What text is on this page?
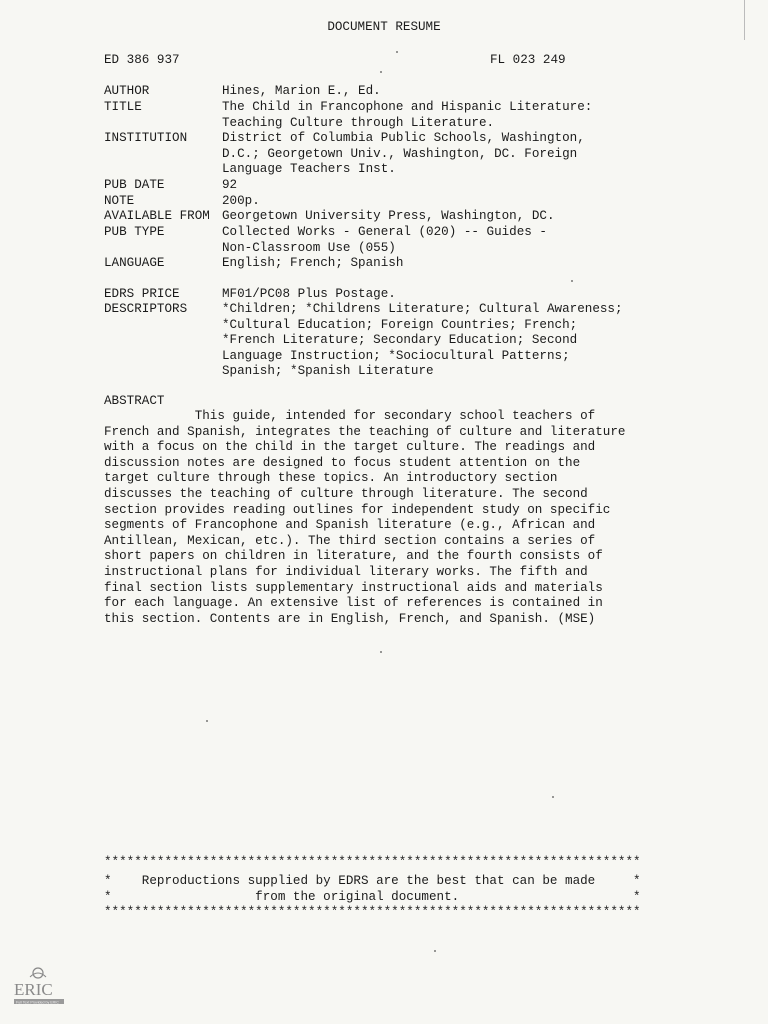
DOCUMENT RESUME
ED 386 937	FL 023 249
AUTHOR	Hines, Marion E., Ed.
TITLE	The Child in Francophone and Hispanic Literature:
Teaching Culture through Literature.
INSTITUTION	District of Columbia Public Schools, Washington,
D.C.; Georgetown Univ., Washington, DC. Foreign
Language Teachers Inst.
PUB DATE	92
NOTE	200p.
AVAILABLE FROM Georgetown University Press, Washington, DC.
PUB TYPE	Collected Works - General (020) -- Guides -
Non-Classroom Use (055)
LANGUAGE	English; French; Spanish
EDRS PRICE	MF01/PC08 Plus Postage.
DESCRIPTORS	*Children; *Childrens Literature; Cultural Awareness;
*Cultural Education; Foreign Countries; French;
*French Literature; Secondary Education; Second
Language Instruction; *Sociocultural Patterns;
Spanish; *Spanish Literature
ABSTRACT
This guide, intended for secondary school teachers of
French and Spanish, integrates the teaching of culture and literature
with a focus on the child in the target culture. The readings and
discussion notes are designed to focus student attention on the
target culture through these topics. An introductory section
discusses the teaching of culture through literature. The second
section provides reading outlines for independent study on specific
segments of Francophone and Spanish literature (e.g., African and
Antillean, Mexican, etc.). The third section contains a series of
short papers on children in literature, and the fourth consists of
instructional plans for individual literary works. The fifth and
final section lists supplementary instructional aids and materials
for each language. An extensive list of references is contained in
this section. Contents are in English, French, and Spanish. (MSE)
***********************************************************************
*    Reproductions supplied by EDRS are the best that can be made     *
*                   from the original document.                       *
***********************************************************************
ERIC
Full Text Provided by ERIC
